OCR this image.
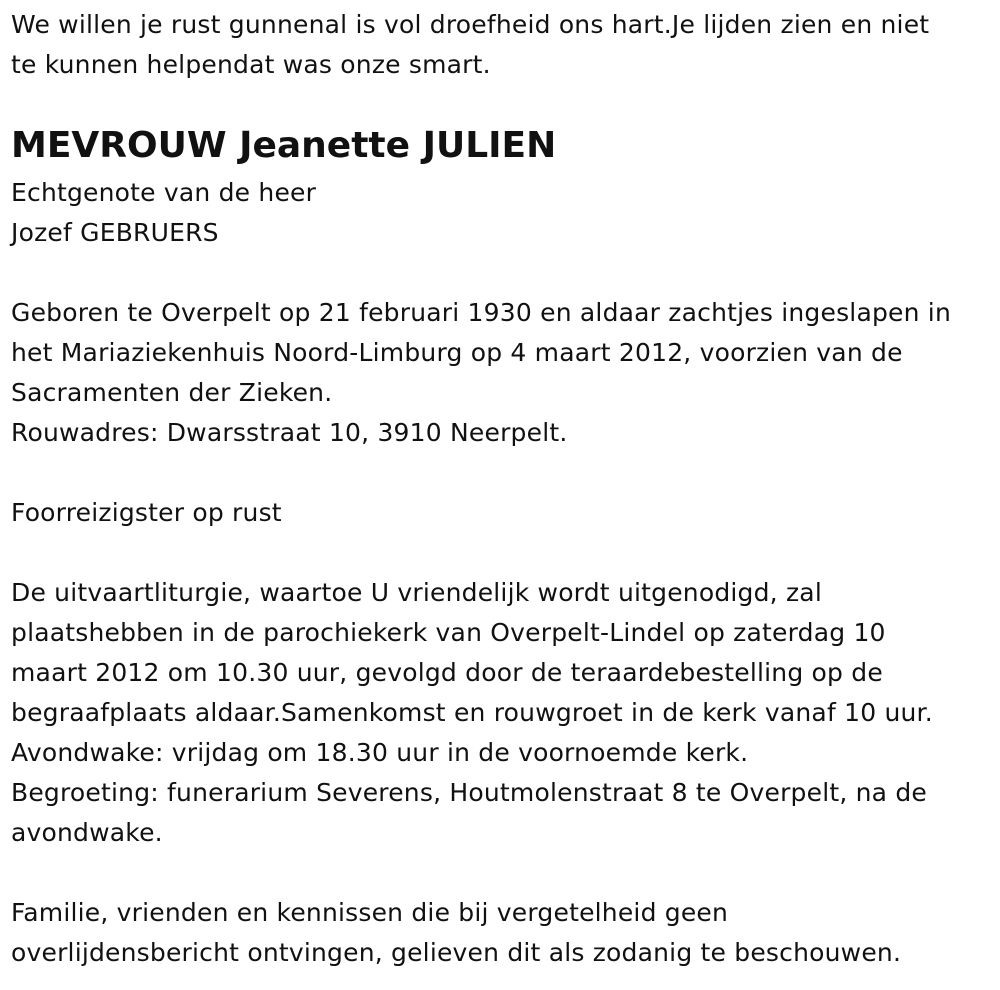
We willen je rust gunnenal is vol droefheid ons hart.Je lijden zien en niet
te kunnen helpendat was onze smart.
MEVROUW Jeanette JULIEN
Echtgenote van de heer
Jozef GEBRUERS
Geboren te Overpelt op 21 februari 1930 en aldaar zachtjes ingeslapen in
het Mariaziekenhuis Noord-Limburg op 4 maart 2012, voorzien van de
Sacramenten der Zieken.
Rouwadres: Dwarsstraat 10, 3910 Neerpelt.
Foorreizigster op rust
De uitvaartliturgie, waartoe U vriendelijk wordt uitgenodigd, zal
plaatshebben in de parochiekerk van Overpelt-Lindel op zaterdag 10
maart 2012 om 10.30 uur, gevolgd door de teraardebestelling op de
begraafplaats aldaar.Samenkomst en rouwgroet in de kerk vanaf 10 uur.
Avondwake: vrijdag om 18.30 uur in de voornoemde kerk.
Begroeting: funerarium Severens, Houtmolenstraat 8 te Overpelt, na de
avondwake.
Familie, vrienden en kennissen die bij vergetelheid geen
overlijdensbericht ontvingen, gelieven dit als zodanig te beschouwen.
